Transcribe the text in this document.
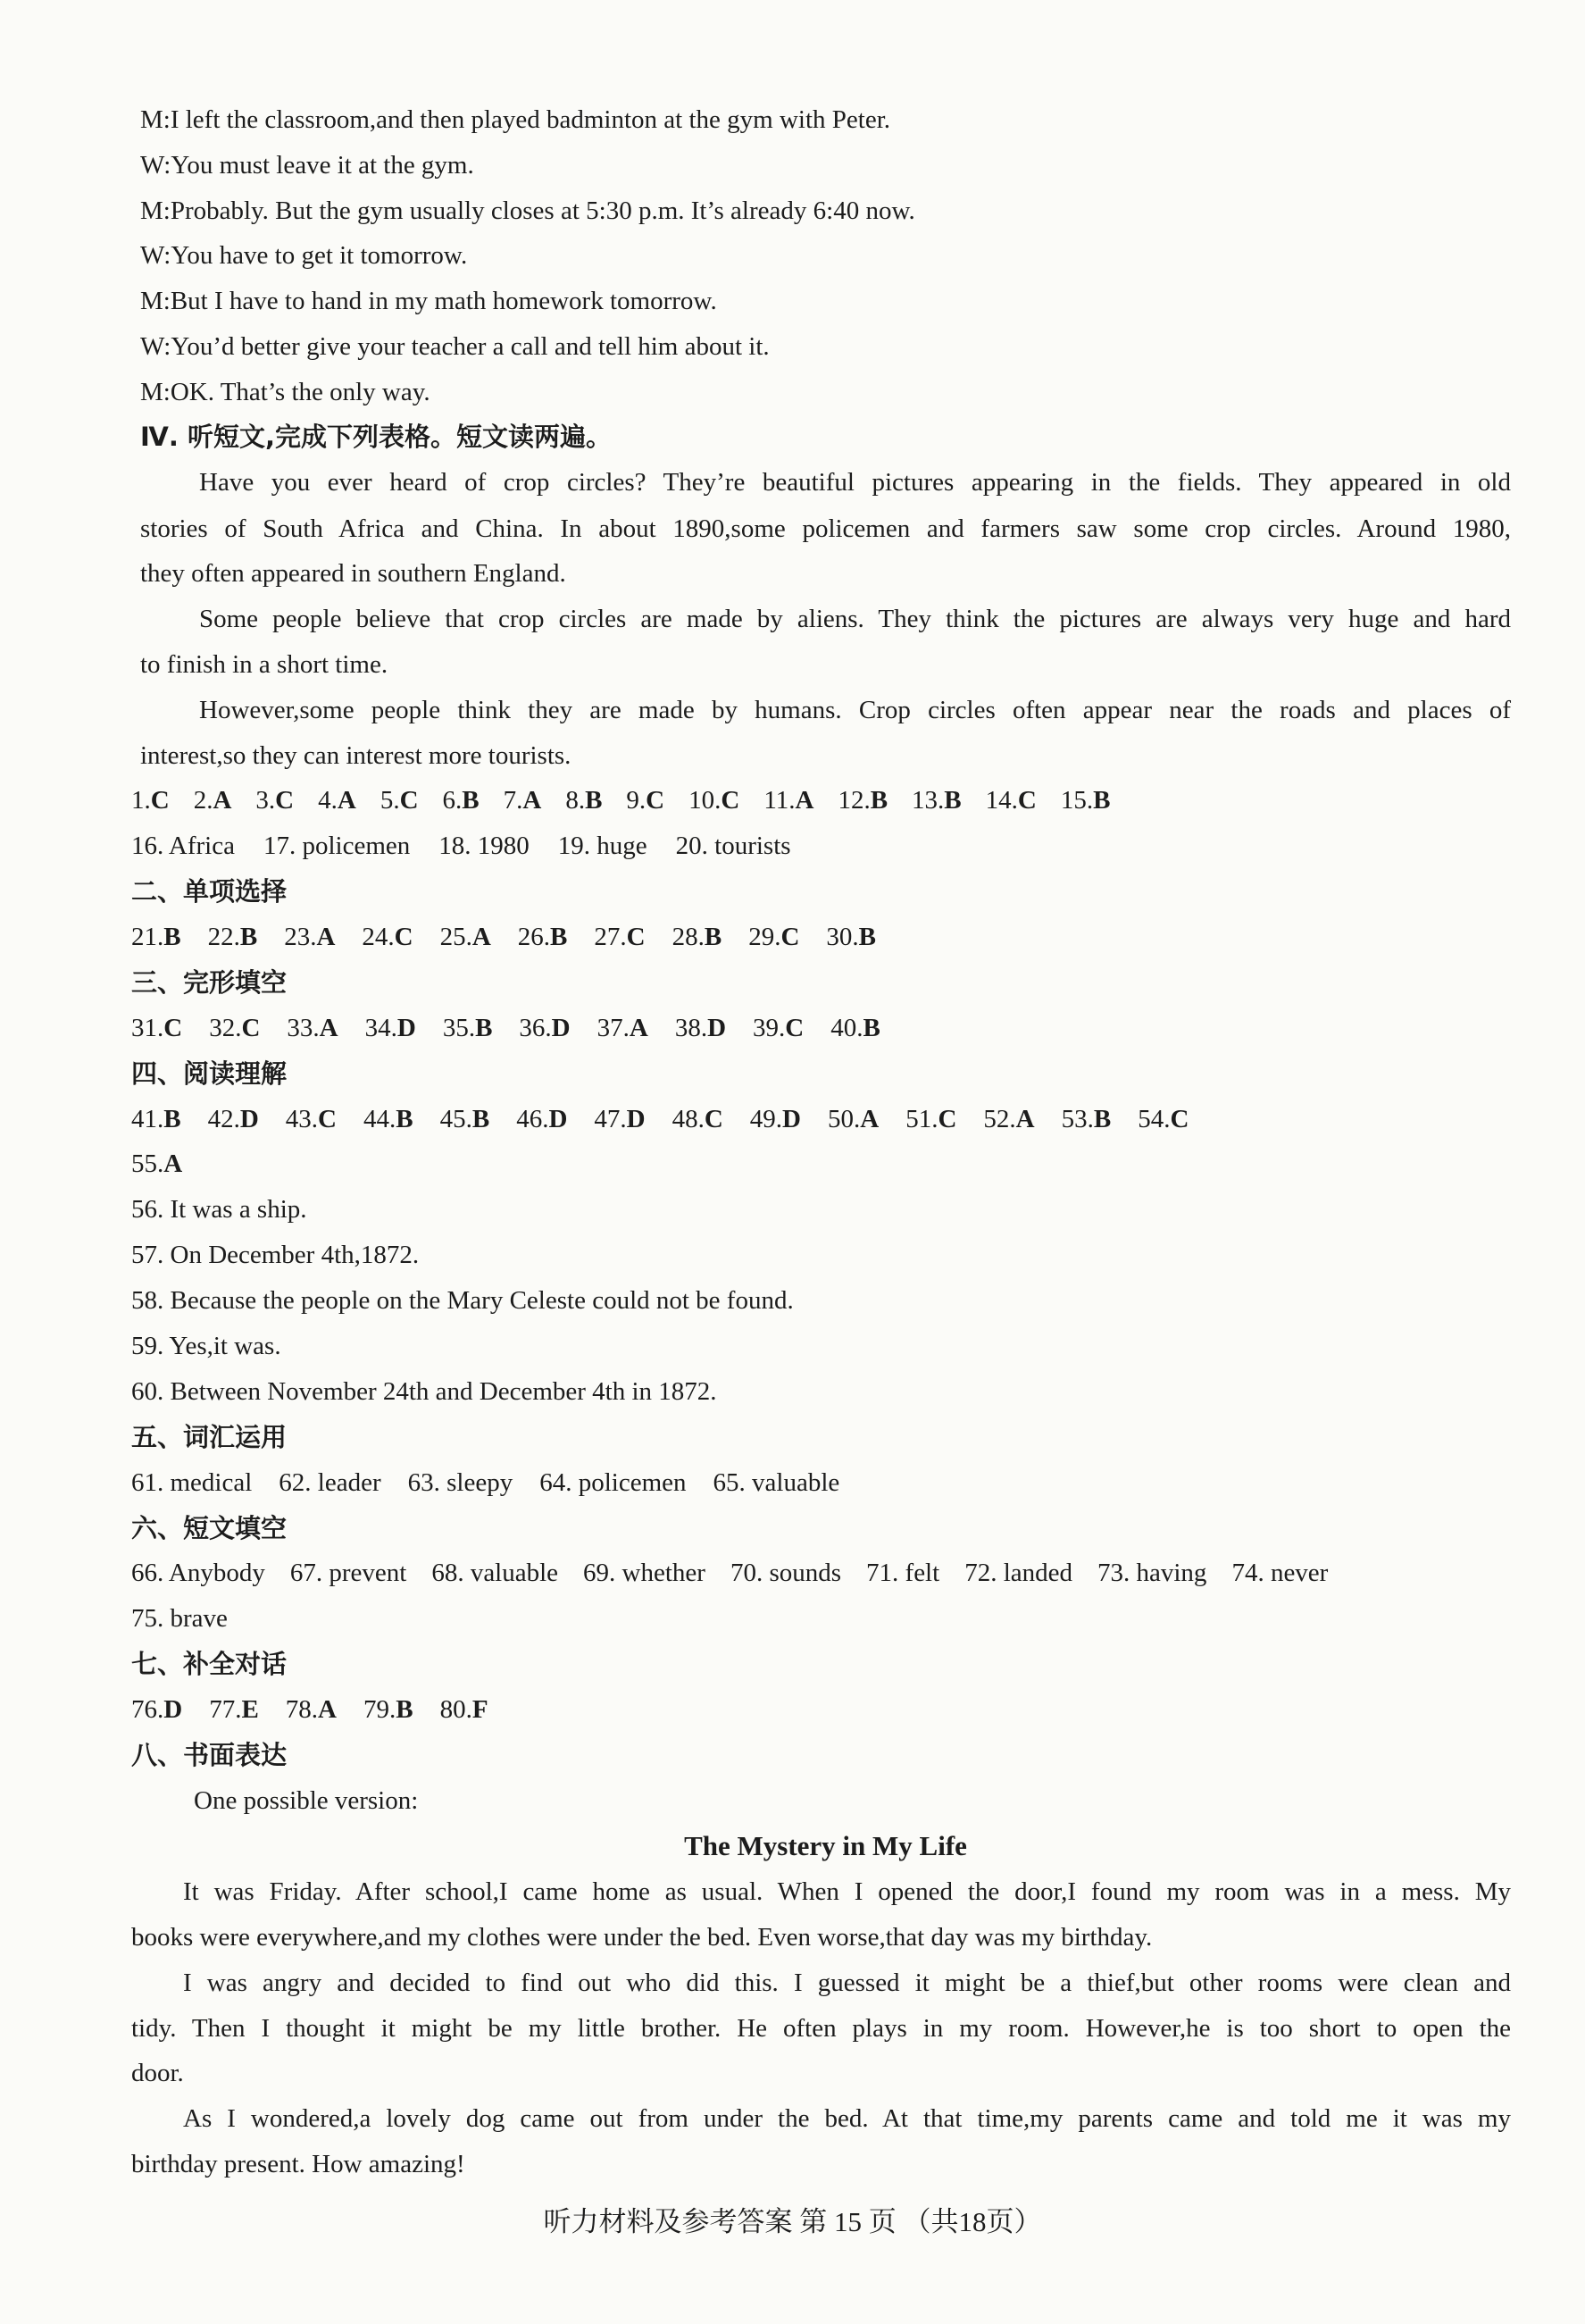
M:I left the classroom,and then played badminton at the gym with Peter.
W:You must leave it at the gym.
M:Probably. But the gym usually closes at 5:30 p.m. It’s already 6:40 now.
W:You have to get it tomorrow.
M:But I have to hand in my math homework tomorrow.
W:You’d better give your teacher a call and tell him about it.
M:OK. That’s the only way.
Ⅳ. 听短文,完成下列表格。短文读两遍。
Have you ever heard of crop circles? They’re beautiful pictures appearing in the fields. They appeared in old
stories of South Africa and China. In about 1890,some policemen and farmers saw some crop circles. Around 1980,
they often appeared in southern England.
Some people believe that crop circles are made by aliens. They think the pictures are always very huge and hard
to finish in a short time.
However,some people think they are made by humans. Crop circles often appear near the roads and places of
interest,so they can interest more tourists.
1.C 2.A 3.C 4.A 5.C 6.B 7.A 8.B 9.C 10.C 11.A 12.B 13.B 14.C 15.B
16. Africa 17. policemen 18. 1980 19. huge 20. tourists
二、单项选择
21.B 22.B 23.A 24.C 25.A 26.B 27.C 28.B 29.C 30.B
三、完形填空
31.C 32.C 33.A 34.D 35.B 36.D 37.A 38.D 39.C 40.B
四、阅读理解
41.B 42.D 43.C 44.B 45.B 46.D 47.D 48.C 49.D 50.A 51.C 52.A 53.B 54.C
55.A
56. It was a ship.
57. On December 4th,1872.
58. Because the people on the Mary Celeste could not be found.
59. Yes,it was.
60. Between November 24th and December 4th in 1872.
五、词汇运用
61. medical 62. leader 63. sleepy 64. policemen 65. valuable
六、短文填空
66. Anybody 67. prevent 68. valuable 69. whether 70. sounds 71. felt 72. landed 73. having 74. never
75. brave
七、补全对话
76.D 77.E 78.A 79.B 80.F
八、书面表达
One possible version:
The Mystery in My Life
It was Friday. After school,I came home as usual. When I opened the door,I found my room was in a mess. My
books were everywhere,and my clothes were under the bed. Even worse,that day was my birthday.
I was angry and decided to find out who did this. I guessed it might be a thief,but other rooms were clean and
tidy. Then I thought it might be my little brother. He often plays in my room. However,he is too short to open the
door.
As I wondered,a lovely dog came out from under the bed. At that time,my parents came and told me it was my
birthday present. How amazing!
听力材料及参考答案 第 15 页 （共18页）
